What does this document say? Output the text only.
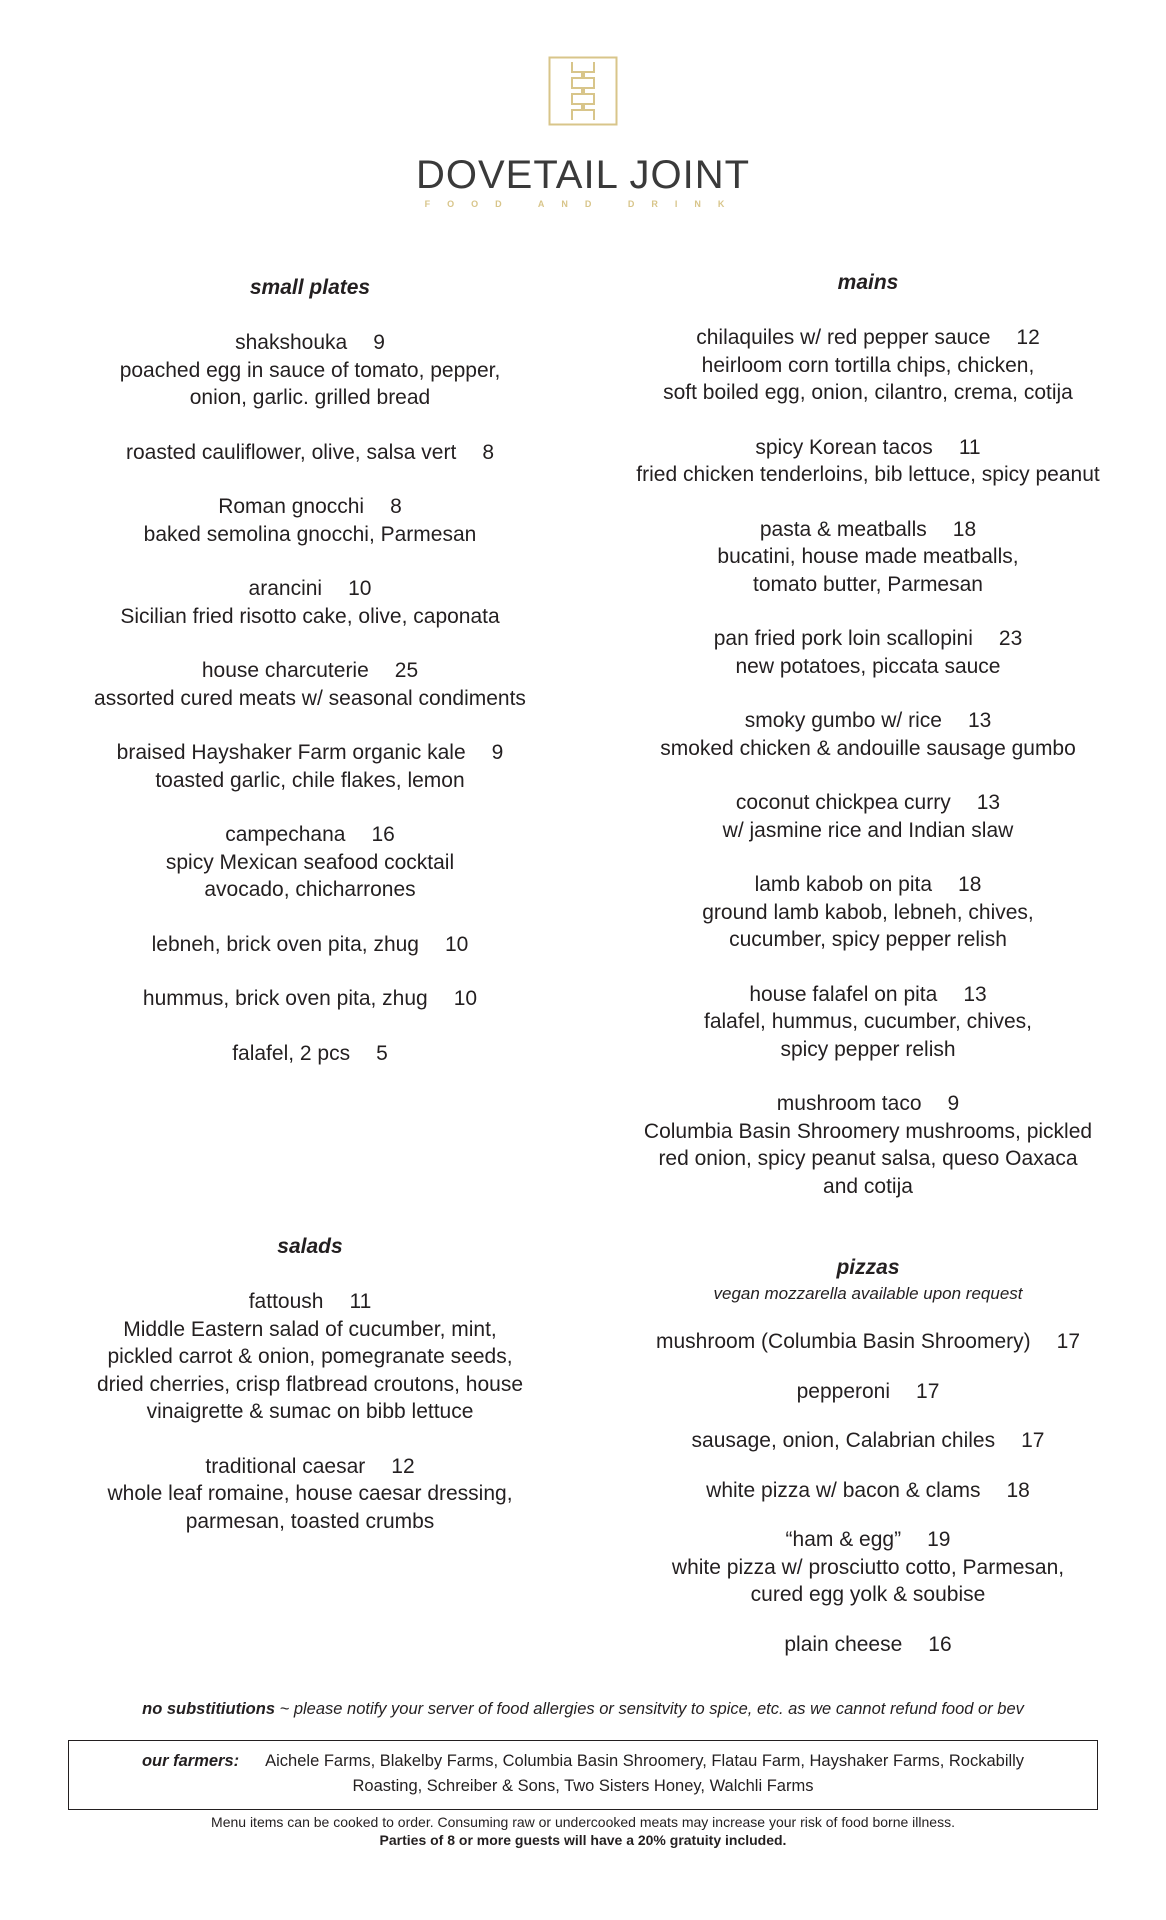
DOVETAIL JOINT
FOOD AND DRINK
small plates
shakshouka 9
poached egg in sauce of tomato, pepper,
onion, garlic. grilled bread
roasted cauliflower, olive, salsa vert 8
Roman gnocchi 8
baked semolina gnocchi, Parmesan
arancini 10
Sicilian fried risotto cake, olive, caponata
house charcuterie 25
assorted cured meats w/ seasonal condiments
braised Hayshaker Farm organic kale 9
toasted garlic, chile flakes, lemon
campechana 16
spicy Mexican seafood cocktail
avocado, chicharrones
lebneh, brick oven pita, zhug 10
hummus, brick oven pita, zhug 10
falafel, 2 pcs 5
mains
chilaquiles w/ red pepper sauce 12
heirloom corn tortilla chips, chicken,
soft boiled egg, onion, cilantro, crema, cotija
spicy Korean tacos 11
fried chicken tenderloins, bib lettuce, spicy peanut
pasta & meatballs 18
bucatini, house made meatballs,
tomato butter, Parmesan
pan fried pork loin scallopini 23
new potatoes, piccata sauce
smoky gumbo w/ rice 13
smoked chicken & andouille sausage gumbo
coconut chickpea curry 13
w/ jasmine rice and Indian slaw
lamb kabob on pita 18
ground lamb kabob, lebneh, chives,
cucumber, spicy pepper relish
house falafel on pita 13
falafel, hummus, cucumber, chives,
spicy pepper relish
mushroom taco 9
Columbia Basin Shroomery mushrooms, pickled
red onion, spicy peanut salsa, queso Oaxaca
and cotija
salads
fattoush 11
Middle Eastern salad of cucumber, mint,
pickled carrot & onion, pomegranate seeds,
dried cherries, crisp flatbread croutons, house
vinaigrette & sumac on bibb lettuce
traditional caesar 12
whole leaf romaine, house caesar dressing,
parmesan, toasted crumbs
pizzas
vegan mozzarella available upon request
mushroom (Columbia Basin Shroomery) 17
pepperoni 17
sausage, onion, Calabrian chiles 17
white pizza w/ bacon & clams 18
“ham & egg” 19
white pizza w/ prosciutto cotto, Parmesan,
cured egg yolk & soubise
plain cheese 16
no substitiutions ~ please notify your server of food allergies or sensitvity to spice, etc. as we cannot refund food or bev
our farmers: Aichele Farms, Blakelby Farms, Columbia Basin Shroomery, Flatau Farm, Hayshaker Farms, Rockabilly
Roasting, Schreiber & Sons, Two Sisters Honey, Walchli Farms
Menu items can be cooked to order. Consuming raw or undercooked meats may increase your risk of food borne illness.
Parties of 8 or more guests will have a 20% gratuity included.
